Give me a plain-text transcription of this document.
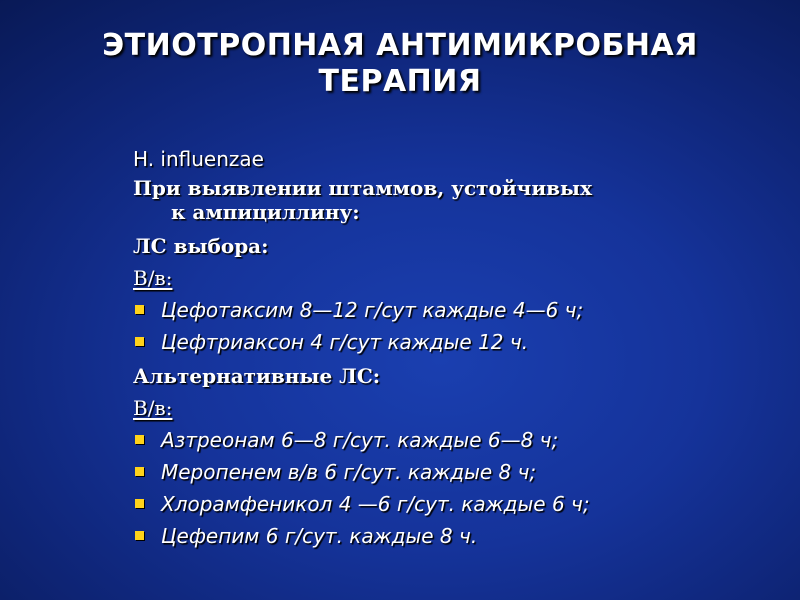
ЭТИОТРОПНАЯ АНТИМИКРОБНАЯ
ТЕРАПИЯ

H. influenzae

При выявлении штаммов, устойчивых

к ампициллину:

ЛС выбора:

В/в:

Цефотаксим 8—12 г/сут каждые 4—6 ч;
Цефтриаксон 4 г/сут каждые 12 ч.

Альтернативные ЛС:

В/в:

Азтреонам 6—8 г/сут. каждые 6—8 ч;
Меропенем в/в 6 г/сут. каждые 8 ч;
Хлорамфеникол 4 —6 г/сут. каждые 6 ч;
Цефепим 6 г/сут. каждые 8 ч.
